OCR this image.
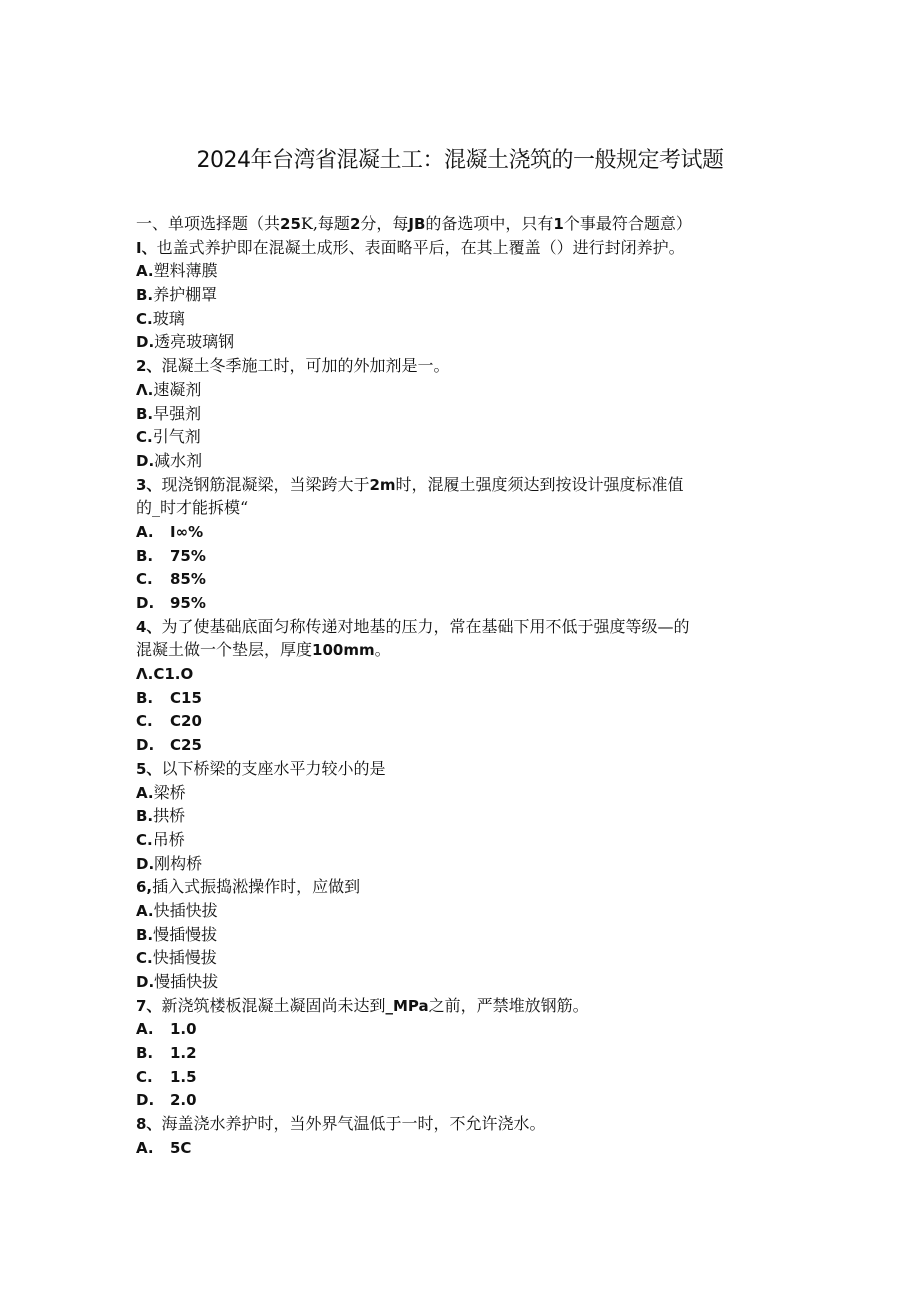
2024年台湾省混凝土工：混凝土浇筑的一般规定考试题
一、单项选择题（共25K,每题2分，每JB的备选项中，只有1个事最符合题意）
I、也盖式养护即在混凝土成形、表面略平后，在其上覆盖（）进行封闭养护。
A.塑料薄膜
B.养护棚罩
C.玻璃
D.透亮玻璃钢
2、混凝土冬季施工时，可加的外加剂是一。
Λ.速凝剂
B.早强剂
C.引气剂
D.减水剂
3、现浇钢筋混凝梁，当梁跨大于2m时，混履土强度须达到按设计强度标准值
的_时才能拆模“
A. I∞%
B. 75%
C. 85%
D. 95%
4、为了使基础底面匀称传递对地基的压力，常在基础下用不低于强度等级—的
混凝土做一个垫层，厚度100mm。
Λ.C1.O
B. C15
C. C20
D. C25
5、以下桥梁的支座水平力较小的是
A.梁桥
B.拱桥
C.吊桥
D.刚构桥
6,插入式振捣淞操作时，应做到
A.快插快拔
B.慢插慢拔
C.快插慢拔
D.慢插快拔
7、新浇筑楼板混凝土凝固尚未达到_MPa之前，严禁堆放钢筋。
A. 1.0
B. 1.2
C. 1.5
D. 2.0
8、海盖浇水养护时，当外界气温低于一时，不允许浇水。
A. 5C
